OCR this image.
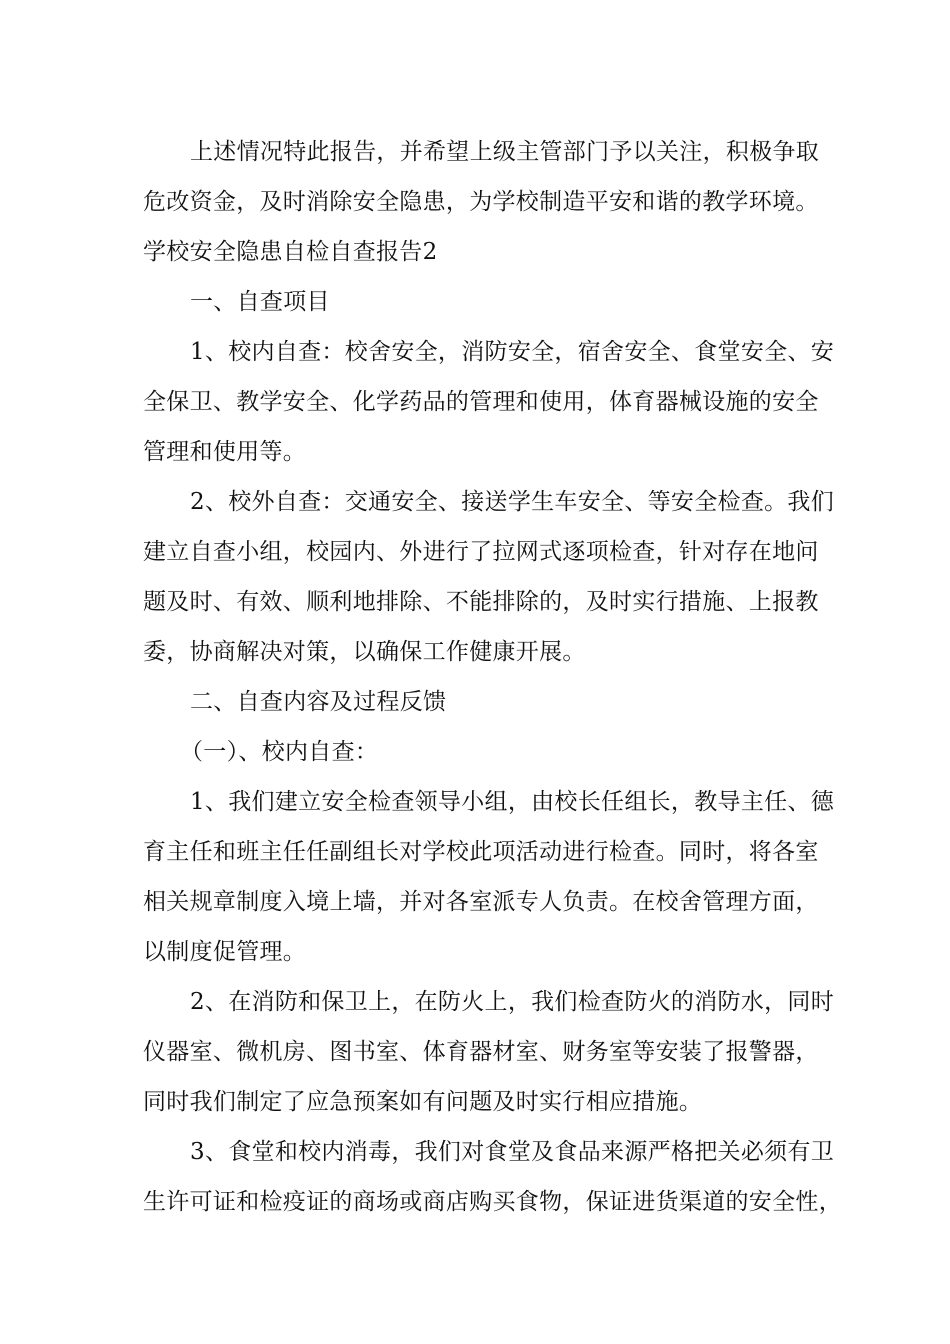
上述情况特此报告，并希望上级主管部门予以关注，积极争取
危改资金，及时消除安全隐患，为学校制造平安和谐的教学环境。
学校安全隐患自检自查报告2
一、自查项目
1、校内自查：校舍安全，消防安全，宿舍安全、食堂安全、安
全保卫、教学安全、化学药品的管理和使用，体育器械设施的安全
管理和使用等。
2、校外自查：交通安全、接送学生车安全、等安全检查。我们
建立自查小组，校园内、外进行了拉网式逐项检查，针对存在地问
题及时、有效、顺利地排除、不能排除的，及时实行措施、上报教
委，协商解决对策，以确保工作健康开展。
二、自查内容及过程反馈
（一）、校内自查：
1、我们建立安全检查领导小组，由校长任组长，教导主任、德
育主任和班主任任副组长对学校此项活动进行检查。同时，将各室
相关规章制度入境上墙，并对各室派专人负责。在校舍管理方面，
以制度促管理。
2、在消防和保卫上，在防火上，我们检查防火的消防水，同时
仪器室、微机房、图书室、体育器材室、财务室等安装了报警器，
同时我们制定了应急预案如有问题及时实行相应措施。
3、食堂和校内消毒，我们对食堂及食品来源严格把关必须有卫
生许可证和检疫证的商场或商店购买食物，保证进货渠道的安全性，
